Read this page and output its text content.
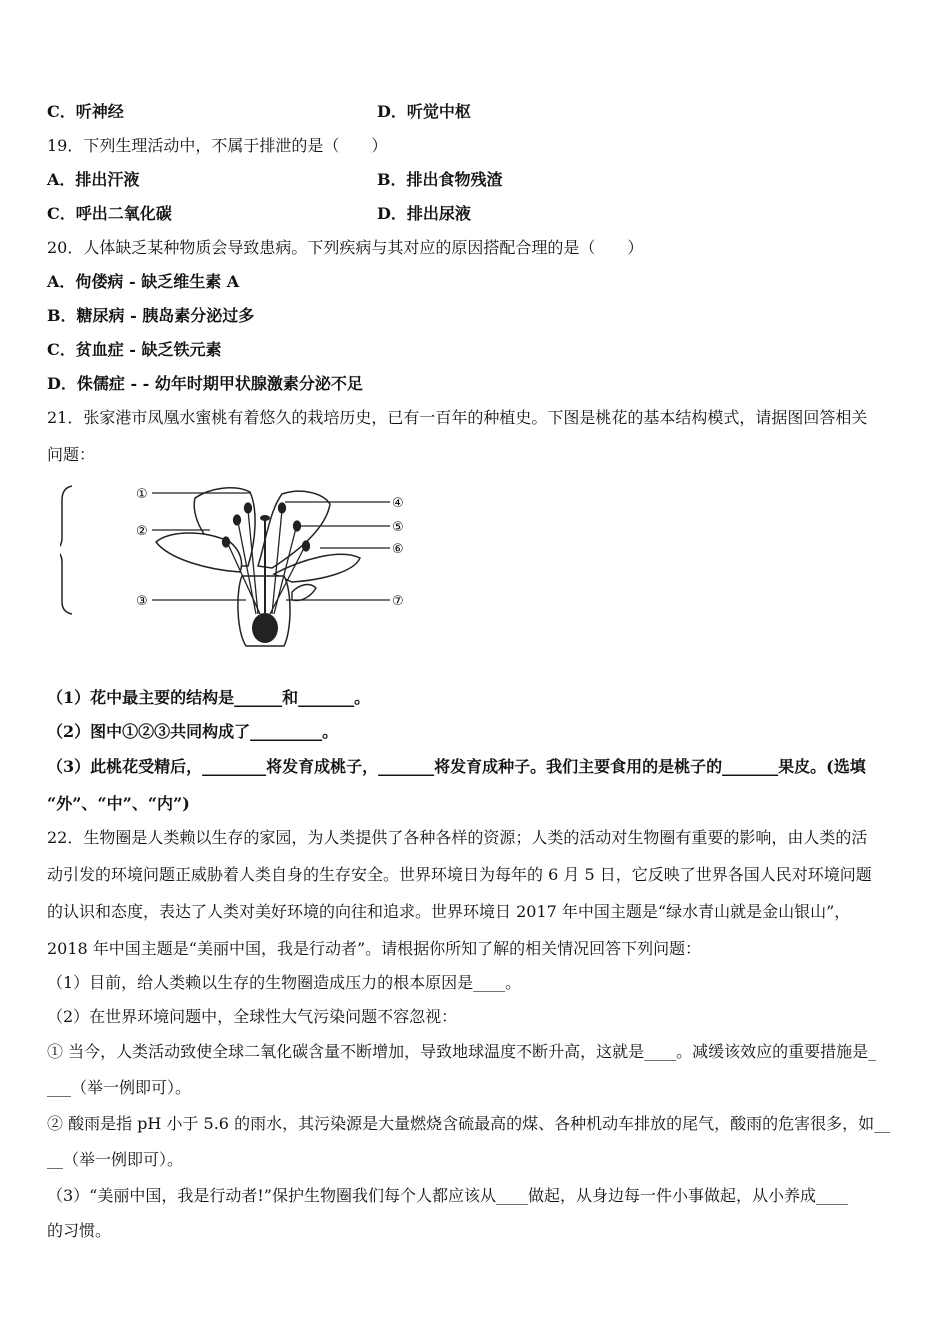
C．听神经	D．听觉中枢
19．下列生理活动中，不属于排泄的是（　　）
A．排出汗液	B．排出食物残渣
C．呼出二氧化碳	D．排出尿液
20．人体缺乏某种物质会导致患病。下列疾病与其对应的原因搭配合理的是（　　）
A．佝偻病 - 缺乏维生素 A
B．糖尿病 - 胰岛素分泌过多
C．贫血症 - 缺乏铁元素
D．侏儒症 - - 幼年时期甲状腺激素分泌不足
21．张家港市凤凰水蜜桃有着悠久的栽培历史，已有一百年的种植史。下图是桃花的基本结构模式，请据图回答相关
问题：
①
②
③
④
⑤
⑥
⑦
（1）花中最主要的结构是______和_______。
（2）图中①②③共同构成了_________。
（3）此桃花受精后，________将发育成桃子，_______将发育成种子。我们主要食用的是桃子的_______果皮。(选填
“外”、“中”、“内”)
22．生物圈是人类赖以生存的家园，为人类提供了各种各样的资源；人类的活动对生物圈有重要的影响，由人类的活
动引发的环境问题正威胁着人类自身的生存安全。世界环境日为每年的 6 月 5 日，它反映了世界各国人民对环境问题
的认识和态度，表达了人类对美好环境的向往和追求。世界环境日 2017 年中国主题是“绿水青山就是金山银山”，
2018 年中国主题是“美丽中国，我是行动者”。请根据你所知了解的相关情况回答下列问题：
（1）目前，给人类赖以生存的生物圈造成压力的根本原因是____。
（2）在世界环境问题中，全球性大气污染问题不容忽视：
① 当今，人类活动致使全球二氧化碳含量不断增加，导致地球温度不断升高，这就是____。减缓该效应的重要措施是_
___（举一例即可）。
② 酸雨是指 pH 小于 5.6 的雨水，其污染源是大量燃烧含硫最高的煤、各种机动车排放的尾气，酸雨的危害很多，如__
__（举一例即可）。
（3）“美丽中国，我是行动者!”保护生物圈我们每个人都应该从____做起，从身边每一件小事做起，从小养成____
的习惯。
